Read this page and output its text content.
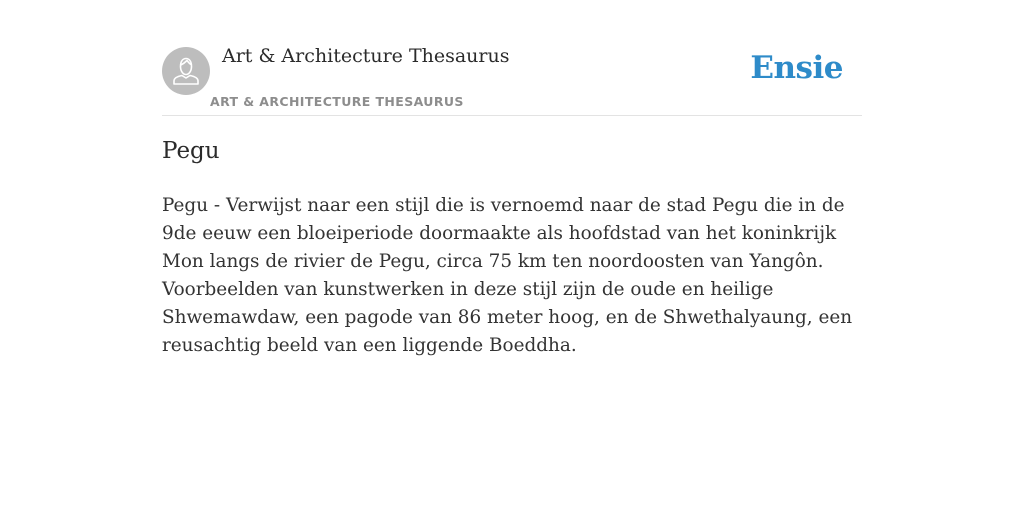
Art & Architecture Thesaurus
ART & ARCHITECTURE THESAURUS
Ensie
Pegu

Pegu - Verwijst naar een stijl die is vernoemd naar de stad Pegu die in de 9de eeuw een bloeiperiode doormaakte als hoofdstad van het koninkrijk Mon langs de rivier de Pegu, circa 75 km ten noordoosten van Yangôn. Voorbeelden van kunstwerken in deze stijl zijn de oude en heilige Shwemawdaw, een pagode van 86 meter hoog, en de Shwethalyaung, een reusachtig beeld van een liggende Boeddha.
